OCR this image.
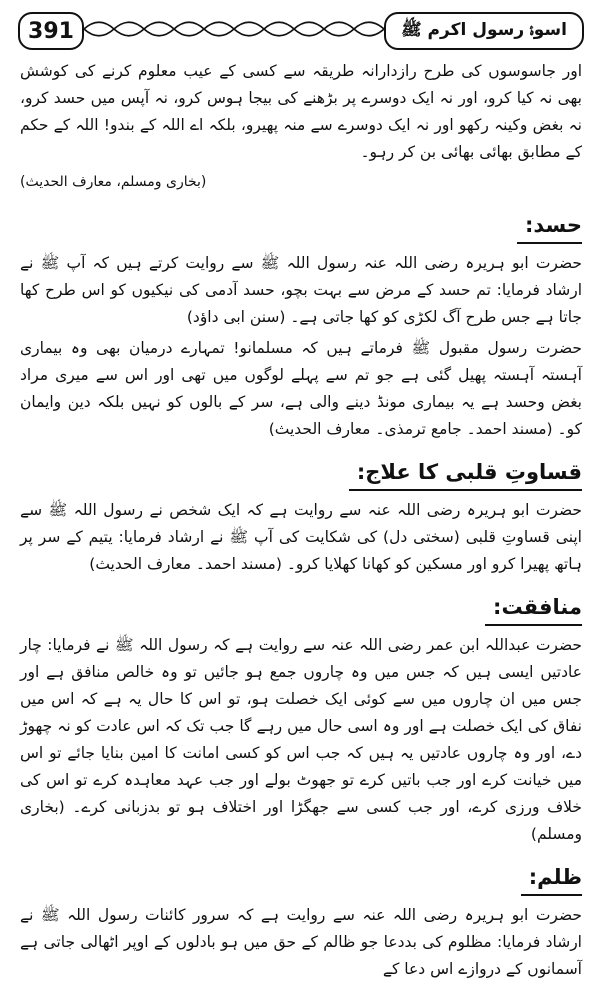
391	اسوۂ رسول اکرم ﷺ

اور جاسوسوں کی طرح رازدارانہ طریقہ سے کسی کے عیب معلوم کرنے کی کوشش بھی نہ کیا کرو، اور نہ ایک دوسرے پر بڑھنے کی بیجا ہوس کرو، نہ آپس میں حسد کرو، نہ بغض وکینہ رکھو اور نہ ایک دوسرے سے منہ پھیرو، بلکہ اے اللہ کے بندو! اللہ کے حکم کے مطابق بھائی بھائی بن کر رہو۔

(بخاری ومسلم، معارف الحدیث)

حسد:

حضرت ابو ہریرہ رضی اللہ عنہ رسول اللہ ﷺ سے روایت کرتے ہیں کہ آپ ﷺ نے ارشاد فرمایا: تم حسد کے مرض سے بہت بچو، حسد آدمی کی نیکیوں کو اس طرح کھا جاتا ہے جس طرح آگ لکڑی کو کھا جاتی ہے۔ (سنن ابی داؤد)

حضرت رسول مقبول ﷺ فرماتے ہیں کہ مسلمانو! تمہارے درمیان بھی وہ بیماری آہستہ آہستہ پھیل گئی ہے جو تم سے پہلے لوگوں میں تھی اور اس سے میری مراد بغض وحسد ہے یہ بیماری مونڈ دینے والی ہے، سر کے بالوں کو نہیں بلکہ دین وایمان کو۔ (مسند احمد۔ جامع ترمذی۔ معارف الحدیث)

قساوتِ قلبی کا علاج:

حضرت ابو ہریرہ رضی اللہ عنہ سے روایت ہے کہ ایک شخص نے رسول اللہ ﷺ سے اپنی قساوتِ قلبی (سختی دل) کی شکایت کی آپ ﷺ نے ارشاد فرمایا: یتیم کے سر پر ہاتھ پھیرا کرو اور مسکین کو کھانا کھلایا کرو۔ (مسند احمد۔ معارف الحدیث)

منافقت:

حضرت عبداللہ ابن عمر رضی اللہ عنہ سے روایت ہے کہ رسول اللہ ﷺ نے فرمایا: چار عادتیں ایسی ہیں کہ جس میں وہ چاروں جمع ہو جائیں تو وہ خالص منافق ہے اور جس میں ان چاروں میں سے کوئی ایک خصلت ہو، تو اس کا حال یہ ہے کہ اس میں نفاق کی ایک خصلت ہے اور وہ اسی حال میں رہے گا جب تک کہ اس عادت کو نہ چھوڑ دے، اور وہ چاروں عادتیں یہ ہیں کہ جب اس کو کسی امانت کا امین بنایا جائے تو اس میں خیانت کرے اور جب باتیں کرے تو جھوٹ بولے اور جب عہد معاہدہ کرے تو اس کی خلاف ورزی کرے، اور جب کسی سے جھگڑا اور اختلاف ہو تو بدزبانی کرے۔ (بخاری ومسلم)

ظلم:

حضرت ابو ہریرہ رضی اللہ عنہ سے روایت ہے کہ سرور کائنات رسول اللہ ﷺ نے ارشاد فرمایا: مظلوم کی بددعا جو ظالم کے حق میں ہو بادلوں کے اوپر اٹھالی جاتی ہے آسمانوں کے دروازے اس دعا کے
